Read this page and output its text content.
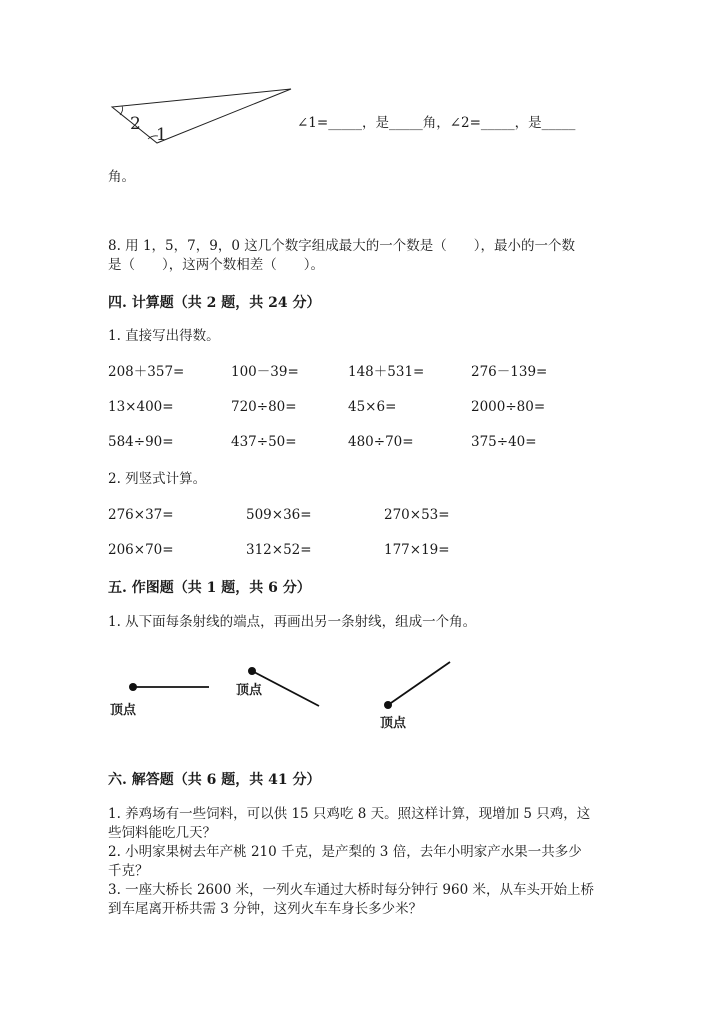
2
1
∠1=_____，是_____角，∠2=_____，是_____
角。
8. 用 1，5，7，9，0 这几个数字组成最大的一个数是（　　），最小的一个数
是（　　），这两个数相差（　　）。
四. 计算题（共 2 题，共 24 分）
1. 直接写出得数。
208＋357=	100－39=	148＋531=	276－139=
13×400=	720÷80=	45×6=	2000÷80=
584÷90=	437÷50=	480÷70=	375÷40=
2. 列竖式计算。
276×37=	509×36=	270×53=
206×70=	312×52=	177×19=
五. 作图题（共 1 题，共 6 分）
1. 从下面每条射线的端点，再画出另一条射线，组成一个角。
顶点
顶点
顶点
六. 解答题（共 6 题，共 41 分）
1. 养鸡场有一些饲料，可以供 15 只鸡吃 8 天。照这样计算，现增加 5 只鸡，这
些饲料能吃几天？
2. 小明家果树去年产桃 210 千克，是产梨的 3 倍，去年小明家产水果一共多少
千克？
3. 一座大桥长 2600 米，一列火车通过大桥时每分钟行 960 米，从车头开始上桥
到车尾离开桥共需 3 分钟，这列火车车身长多少米？
